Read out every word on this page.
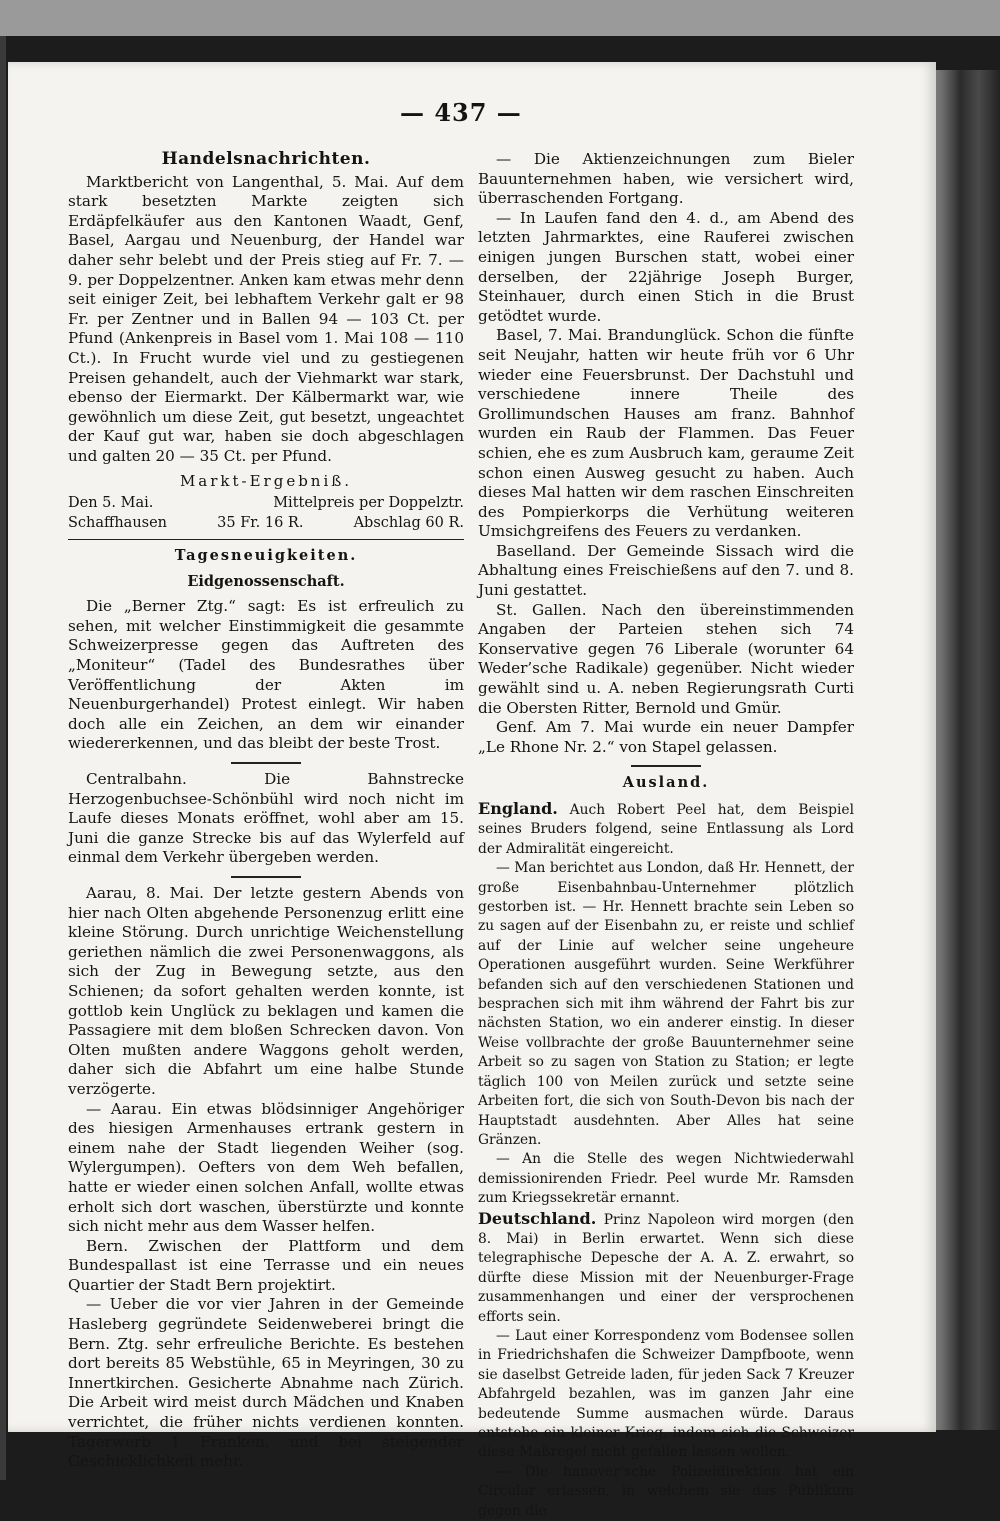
— 437 —
Handelsnachrichten.

Marktbericht von Langenthal, 5. Mai. Auf dem stark besetzten Markte zeigten sich Erdäpfelkäufer aus den Kantonen Waadt, Genf, Basel, Aargau und Neuenburg, der Handel war daher sehr belebt und der Preis stieg auf Fr. 7. — 9. per Doppelzentner. Anken kam etwas mehr denn seit einiger Zeit, bei lebhaftem Verkehr galt er 98 Fr. per Zentner und in Ballen 94 — 103 Ct. per Pfund (Ankenpreis in Basel vom 1. Mai 108 — 110 Ct.). In Frucht wurde viel und zu gestiegenen Preisen gehandelt, auch der Viehmarkt war stark, ebenso der Eiermarkt. Der Kälbermarkt war, wie gewöhnlich um diese Zeit, gut besetzt, ungeachtet der Kauf gut war, haben sie doch abgeschlagen und galten 20 — 35 Ct. per Pfund.

Markt-Ergebniß.
Den 5. Mai.	Mittelpreis per Doppelztr.
Schaffhausen	35 Fr. 16 R.	Abschlag 60 R.
Tagesneuigkeiten.
Eidgenossenschaft.

Die „Berner Ztg.“ sagt: Es ist erfreulich zu sehen, mit welcher Einstimmigkeit die gesammte Schweizerpresse gegen das Auftreten des „Moniteur“ (Tadel des Bundesrathes über Veröffentlichung der Akten im Neuenburgerhandel) Protest einlegt. Wir haben doch alle ein Zeichen, an dem wir einander wiedererkennen, und das bleibt der beste Trost.

Centralbahn. Die Bahnstrecke Herzogenbuchsee-Schönbühl wird noch nicht im Laufe dieses Monats eröffnet, wohl aber am 15. Juni die ganze Strecke bis auf das Wylerfeld auf einmal dem Verkehr übergeben werden.

Aarau, 8. Mai. Der letzte gestern Abends von hier nach Olten abgehende Personenzug erlitt eine kleine Störung. Durch unrichtige Weichenstellung geriethen nämlich die zwei Personenwaggons, als sich der Zug in Bewegung setzte, aus den Schienen; da sofort gehalten werden konnte, ist gottlob kein Unglück zu beklagen und kamen die Passagiere mit dem bloßen Schrecken davon. Von Olten mußten andere Waggons geholt werden, daher sich die Abfahrt um eine halbe Stunde verzögerte.

— Aarau. Ein etwas blödsinniger Angehöriger des hiesigen Armenhauses ertrank gestern in einem nahe der Stadt liegenden Weiher (sog. Wylergumpen). Oefters von dem Weh befallen, hatte er wieder einen solchen Anfall, wollte etwas erholt sich dort waschen, überstürzte und konnte sich nicht mehr aus dem Wasser helfen.

Bern. Zwischen der Plattform und dem Bundespallast ist eine Terrasse und ein neues Quartier der Stadt Bern projektirt.

— Ueber die vor vier Jahren in der Gemeinde Hasleberg gegründete Seidenweberei bringt die Bern. Ztg. sehr erfreuliche Berichte. Es bestehen dort bereits 85 Webstühle, 65 in Meyringen, 30 zu Innertkirchen. Gesicherte Abnahme nach Zürich. Die Arbeit wird meist durch Mädchen und Knaben verrichtet, die früher nichts verdienen konnten. Tagerwerb 1 Franken, und bei steigender Geschicklichkeit mehr.

— Die Aktienzeichnungen zum Bieler Bauunternehmen haben, wie versichert wird, überraschenden Fortgang.

— In Laufen fand den 4. d., am Abend des letzten Jahrmarktes, eine Rauferei zwischen einigen jungen Burschen statt, wobei einer derselben, der 22jährige Joseph Burger, Steinhauer, durch einen Stich in die Brust getödtet wurde.

Basel, 7. Mai. Brandunglück. Schon die fünfte seit Neujahr, hatten wir heute früh vor 6 Uhr wieder eine Feuersbrunst. Der Dachstuhl und verschiedene innere Theile des Grollimundschen Hauses am franz. Bahnhof wurden ein Raub der Flammen. Das Feuer schien, ehe es zum Ausbruch kam, geraume Zeit schon einen Ausweg gesucht zu haben. Auch dieses Mal hatten wir dem raschen Einschreiten des Pompierkorps die Verhütung weiteren Umsichgreifens des Feuers zu verdanken.

Baselland. Der Gemeinde Sissach wird die Abhaltung eines Freischießens auf den 7. und 8. Juni gestattet.

St. Gallen. Nach den übereinstimmenden Angaben der Parteien stehen sich 74 Konservative gegen 76 Liberale (worunter 64 Weder’sche Radikale) gegenüber. Nicht wieder gewählt sind u. A. neben Regierungsrath Curti die Obersten Ritter, Bernold und Gmür.

Genf. Am 7. Mai wurde ein neuer Dampfer „Le Rhone Nr. 2.“ von Stapel gelassen.

Ausland.

England. Auch Robert Peel hat, dem Beispiel seines Bruders folgend, seine Entlassung als Lord der Admiralität eingereicht.

— Man berichtet aus London, daß Hr. Hennett, der große Eisenbahnbau-Unternehmer plötzlich gestorben ist. — Hr. Hennett brachte sein Leben so zu sagen auf der Eisenbahn zu, er reiste und schlief auf der Linie auf welcher seine ungeheure Operationen ausgeführt wurden. Seine Werkführer befanden sich auf den verschiedenen Stationen und besprachen sich mit ihm während der Fahrt bis zur nächsten Station, wo ein anderer einstig. In dieser Weise vollbrachte der große Bauunternehmer seine Arbeit so zu sagen von Station zu Station; er legte täglich 100 von Meilen zurück und setzte seine Arbeiten fort, die sich von South-Devon bis nach der Hauptstadt ausdehnten. Aber Alles hat seine Gränzen.

— An die Stelle des wegen Nichtwiederwahl demissionirenden Friedr. Peel wurde Mr. Ramsden zum Kriegssekretär ernannt.

Deutschland. Prinz Napoleon wird morgen (den 8. Mai) in Berlin erwartet. Wenn sich diese telegraphische Depesche der A. A. Z. erwahrt, so dürfte diese Mission mit der Neuenburger-Frage zusammenhangen und einer der versprochenen efforts sein.

— Laut einer Korrespondenz vom Bodensee sollen in Friedrichshafen die Schweizer Dampfboote, wenn sie daselbst Getreide laden, für jeden Sack 7 Kreuzer Abfahrgeld bezahlen, was im ganzen Jahr eine bedeutende Summe ausmachen würde. Daraus entstehe ein kleiner Krieg, indem sich die Schweizer diese Maßregel nicht gefallen lassen wollen.

— Die hanover’sche Polizeidirektion hat ein Circular erlassen, in welchem sie das Publikum gegen die
